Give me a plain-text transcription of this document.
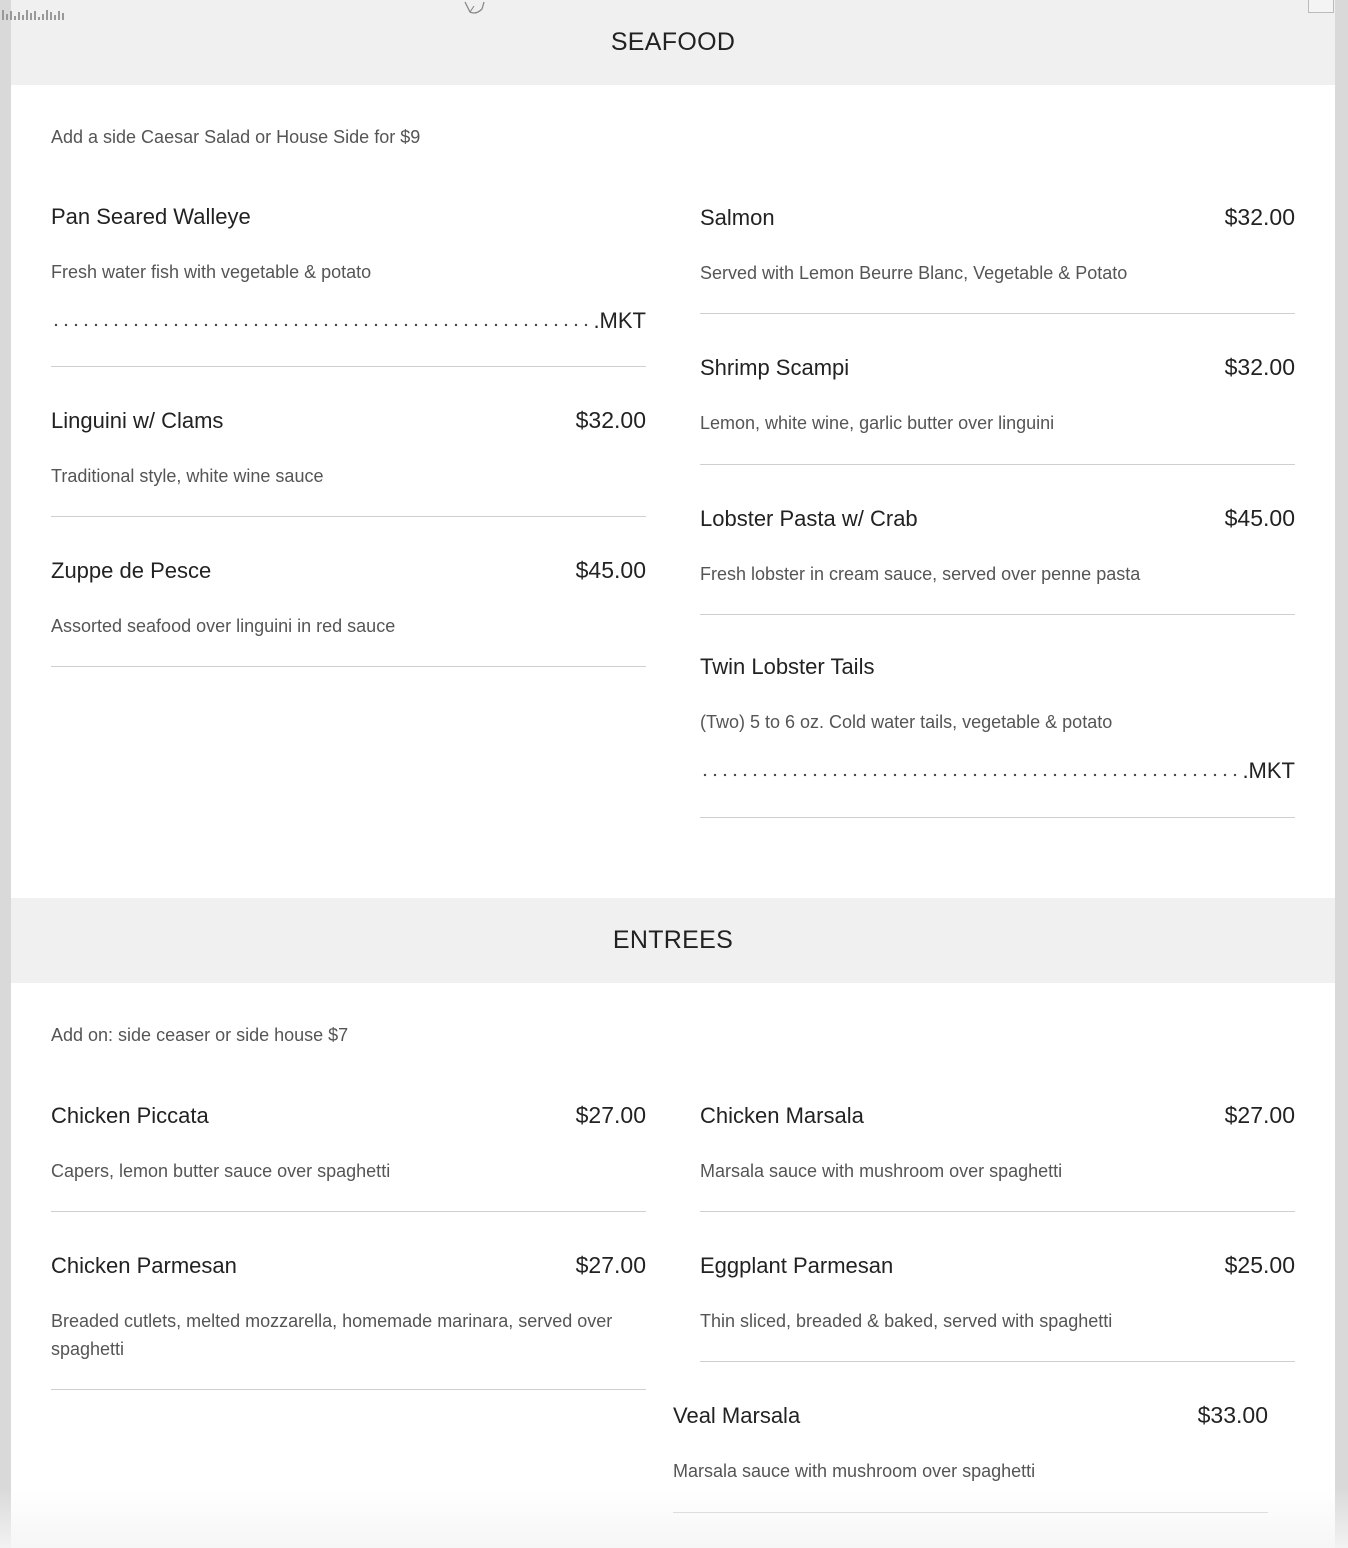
SEAFOOD
Add a side Caesar Salad or House Side for $9
Pan Seared Walleye
Fresh water fish with vegetable & potato
.MKT
Salmon	$32.00
Served with Lemon Beurre Blanc, Vegetable & Potato
Shrimp Scampi	$32.00
Lemon, white wine, garlic butter over linguini
Linguini w/ Clams	$32.00
Traditional style, white wine sauce
Lobster Pasta w/ Crab	$45.00
Fresh lobster in cream sauce, served over penne pasta
Zuppe de Pesce	$45.00
Assorted seafood over linguini in red sauce
Twin Lobster Tails
(Two) 5 to 6 oz. Cold water tails, vegetable & potato
.MKT
ENTREES
Add on: side ceaser or side house $7
Chicken Piccata	$27.00
Capers, lemon butter sauce over spaghetti
Chicken Marsala	$27.00
Marsala sauce with mushroom over spaghetti
Chicken Parmesan	$27.00
Breaded cutlets, melted mozzarella, homemade marinara, served over spaghetti
Eggplant Parmesan	$25.00
Thin sliced, breaded & baked, served with spaghetti
Veal Marsala	$33.00
Marsala sauce with mushroom over spaghetti
